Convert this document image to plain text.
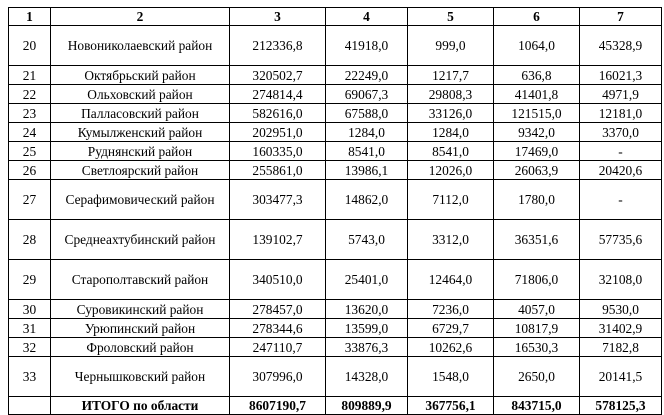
1	2	3	4	5	6	7
20	Новониколаевский район	212336,8	41918,0	999,0	1064,0	45328,9
21	Октябрьский район	320502,7	22249,0	1217,7	636,8	16021,3
22	Ольховский район	274814,4	69067,3	29808,3	41401,8	4971,9
23	Палласовский район	582616,0	67588,0	33126,0	121515,0	12181,0
24	Кумылженский район	202951,0	1284,0	1284,0	9342,0	3370,0
25	Руднянский район	160335,0	8541,0	8541,0	17469,0	-
26	Светлоярский район	255861,0	13986,1	12026,0	26063,9	20420,6
27	Серафимовический район	303477,3	14862,0	7112,0	1780,0	-
28	Среднеахтубинский район	139102,7	5743,0	3312,0	36351,6	57735,6
29	Старополтавский район	340510,0	25401,0	12464,0	71806,0	32108,0
30	Суровикинский район	278457,0	13620,0	7236,0	4057,0	9530,0
31	Урюпинский район	278344,6	13599,0	6729,7	10817,9	31402,9
32	Фроловский район	247110,7	33876,3	10262,6	16530,3	7182,8
33	Чернышковский район	307996,0	14328,0	1548,0	2650,0	20141,5
	ИТОГО по области	8607190,7	809889,9	367756,1	843715,0	578125,3
